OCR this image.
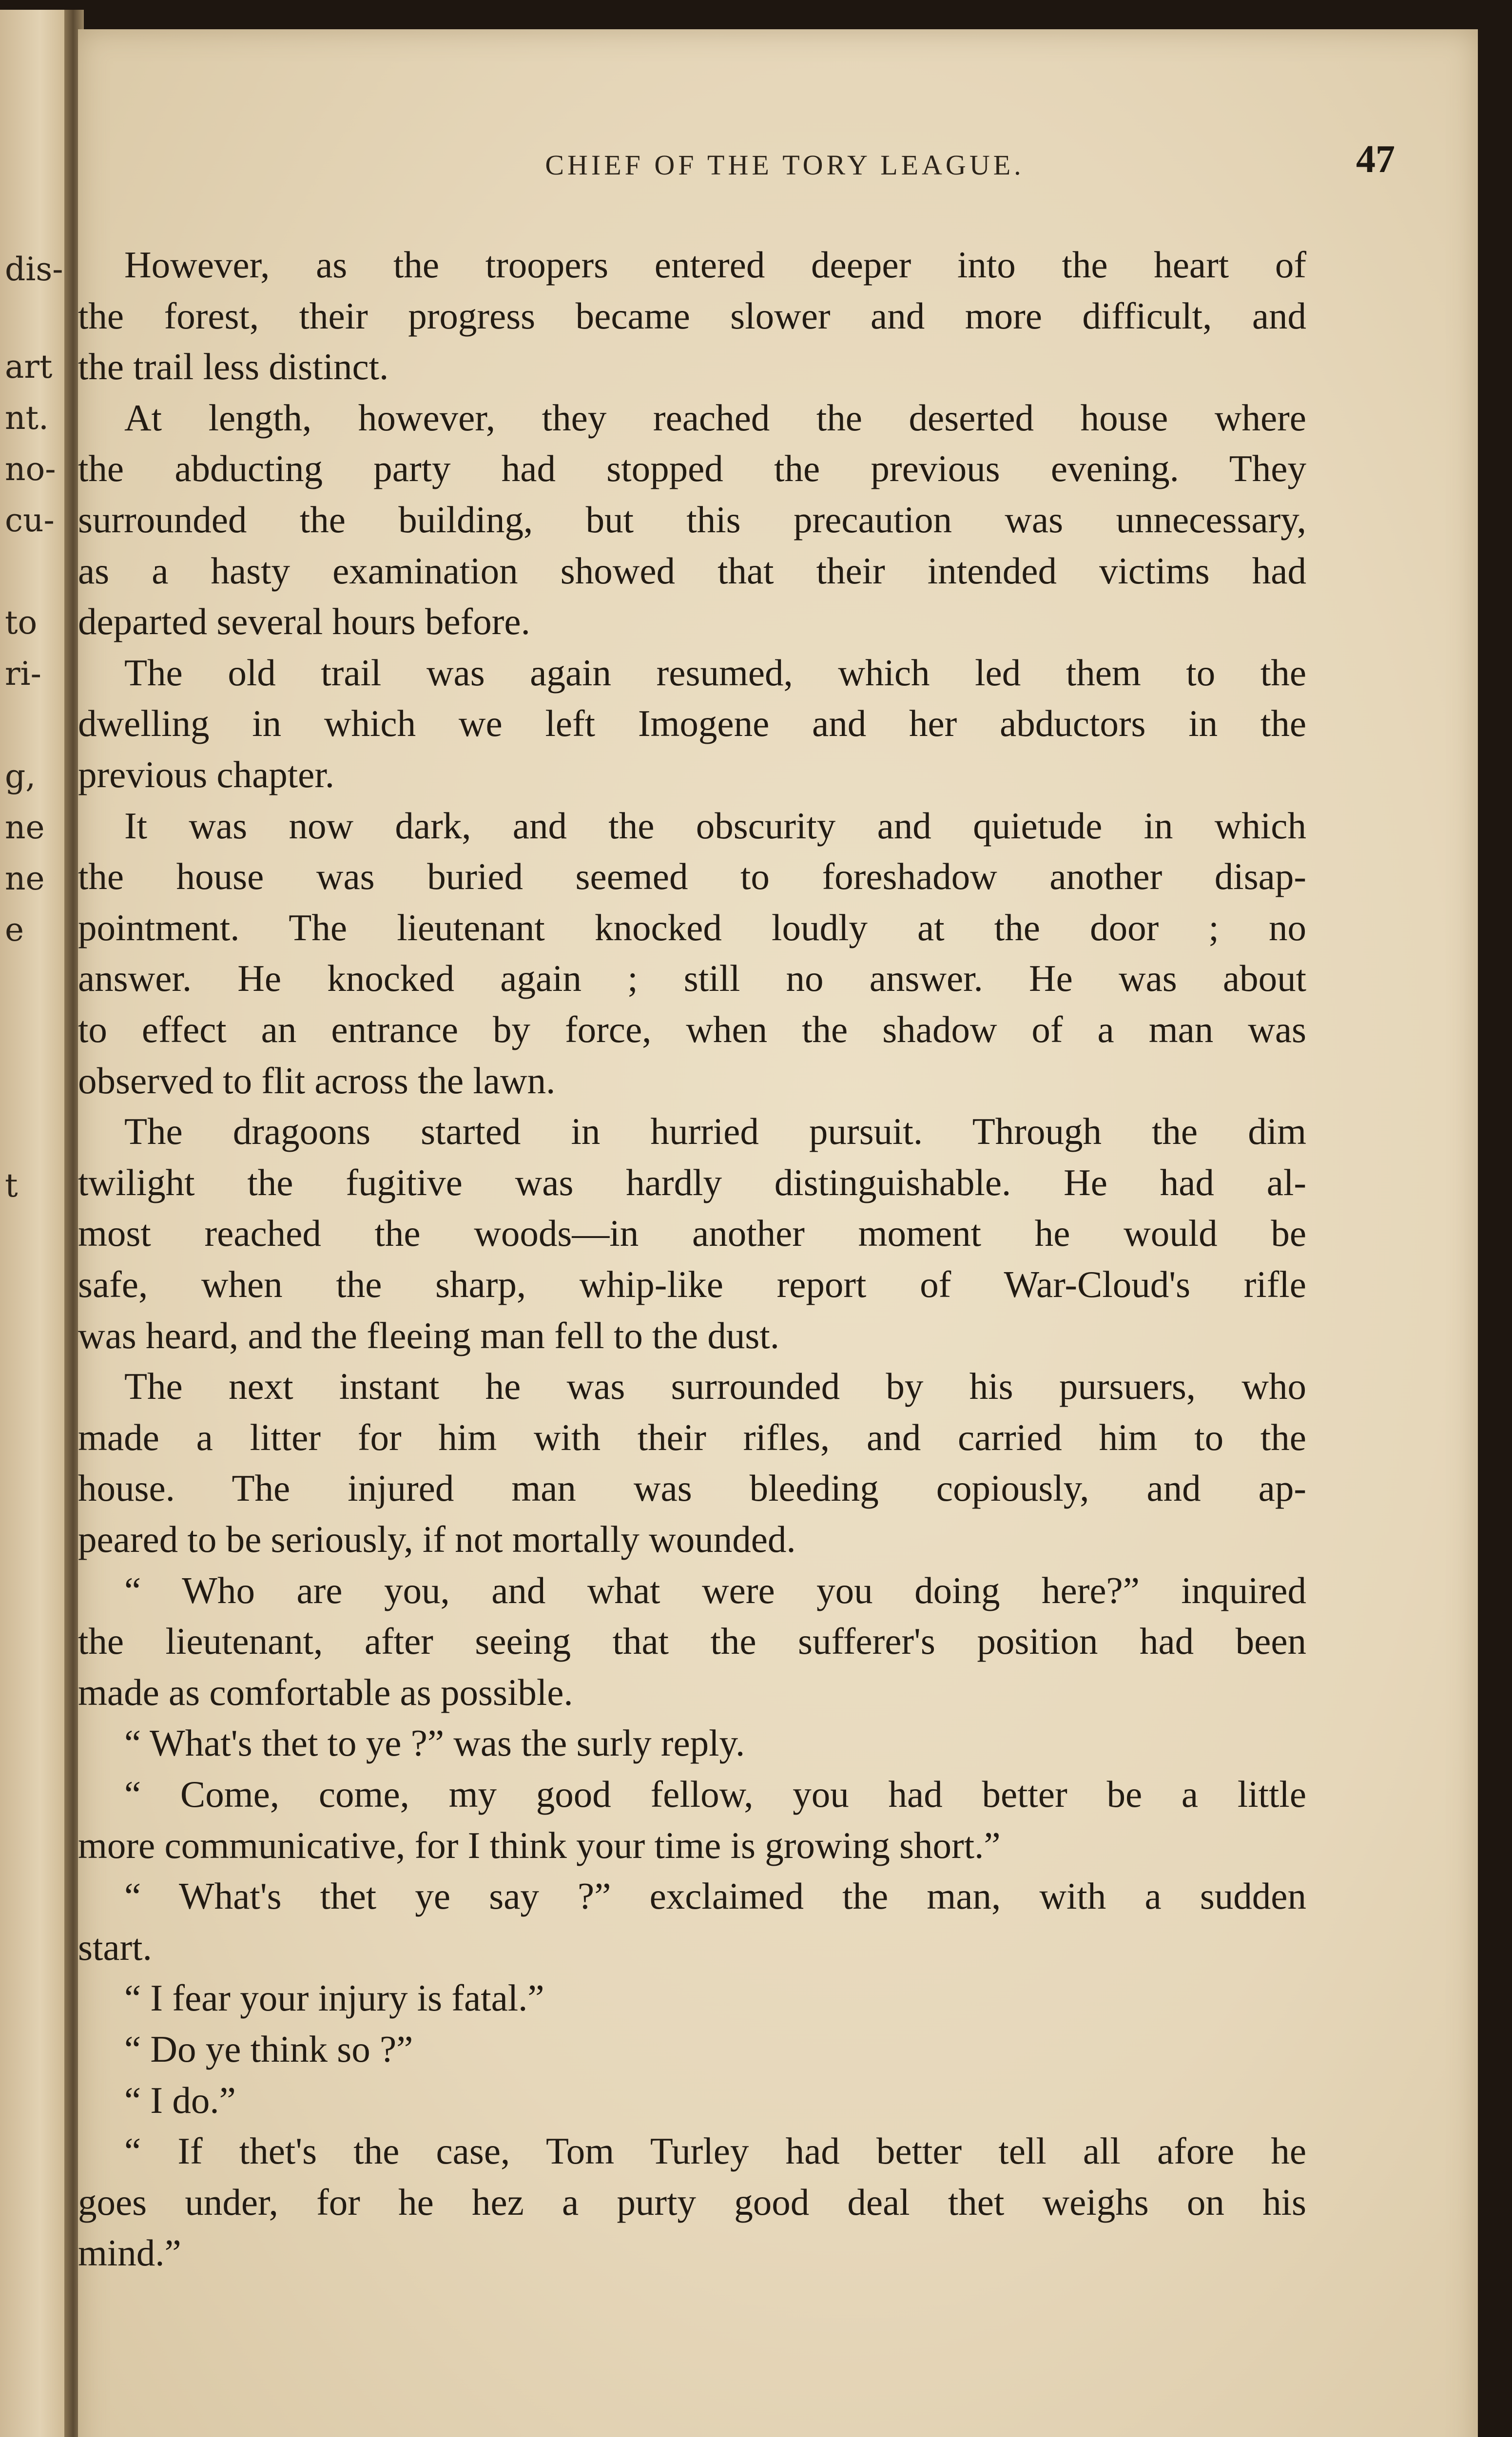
dis-
art
nt.
no-
cu-
to
ri-
g,
ne
ne
e
t
CHIEF OF THE TORY LEAGUE.	47
However, as the troopers entered deeper into the heart of
the forest, their progress became slower and more difficult, and
the trail less distinct.
At length, however, they reached the deserted house where
the abducting party had stopped the previous evening. They
surrounded the building, but this precaution was unnecessary,
as a hasty examination showed that their intended victims had
departed several hours before.
The old trail was again resumed, which led them to the
dwelling in which we left Imogene and her abductors in the
previous chapter.
It was now dark, and the obscurity and quietude in which
the house was buried seemed to foreshadow another disap-
pointment. The lieutenant knocked loudly at the door ; no
answer. He knocked again ; still no answer. He was about
to effect an entrance by force, when the shadow of a man was
observed to flit across the lawn.
The dragoons started in hurried pursuit. Through the dim
twilight the fugitive was hardly distinguishable. He had al-
most reached the woods—in another moment he would be
safe, when the sharp, whip-like report of War-Cloud's rifle
was heard, and the fleeing man fell to the dust.
The next instant he was surrounded by his pursuers, who
made a litter for him with their rifles, and carried him to the
house. The injured man was bleeding copiously, and ap-
peared to be seriously, if not mortally wounded.
“ Who are you, and what were you doing here?” inquired
the lieutenant, after seeing that the sufferer's position had been
made as comfortable as possible.
“ What's thet to ye ?” was the surly reply.
“ Come, come, my good fellow, you had better be a little
more communicative, for I think your time is growing short.”
“ What's thet ye say ?” exclaimed the man, with a sudden
start.
“ I fear your injury is fatal.”
“ Do ye think so ?”
“ I do.”
“ If thet's the case, Tom Turley had better tell all afore he
goes under, for he hez a purty good deal thet weighs on his
mind.”
